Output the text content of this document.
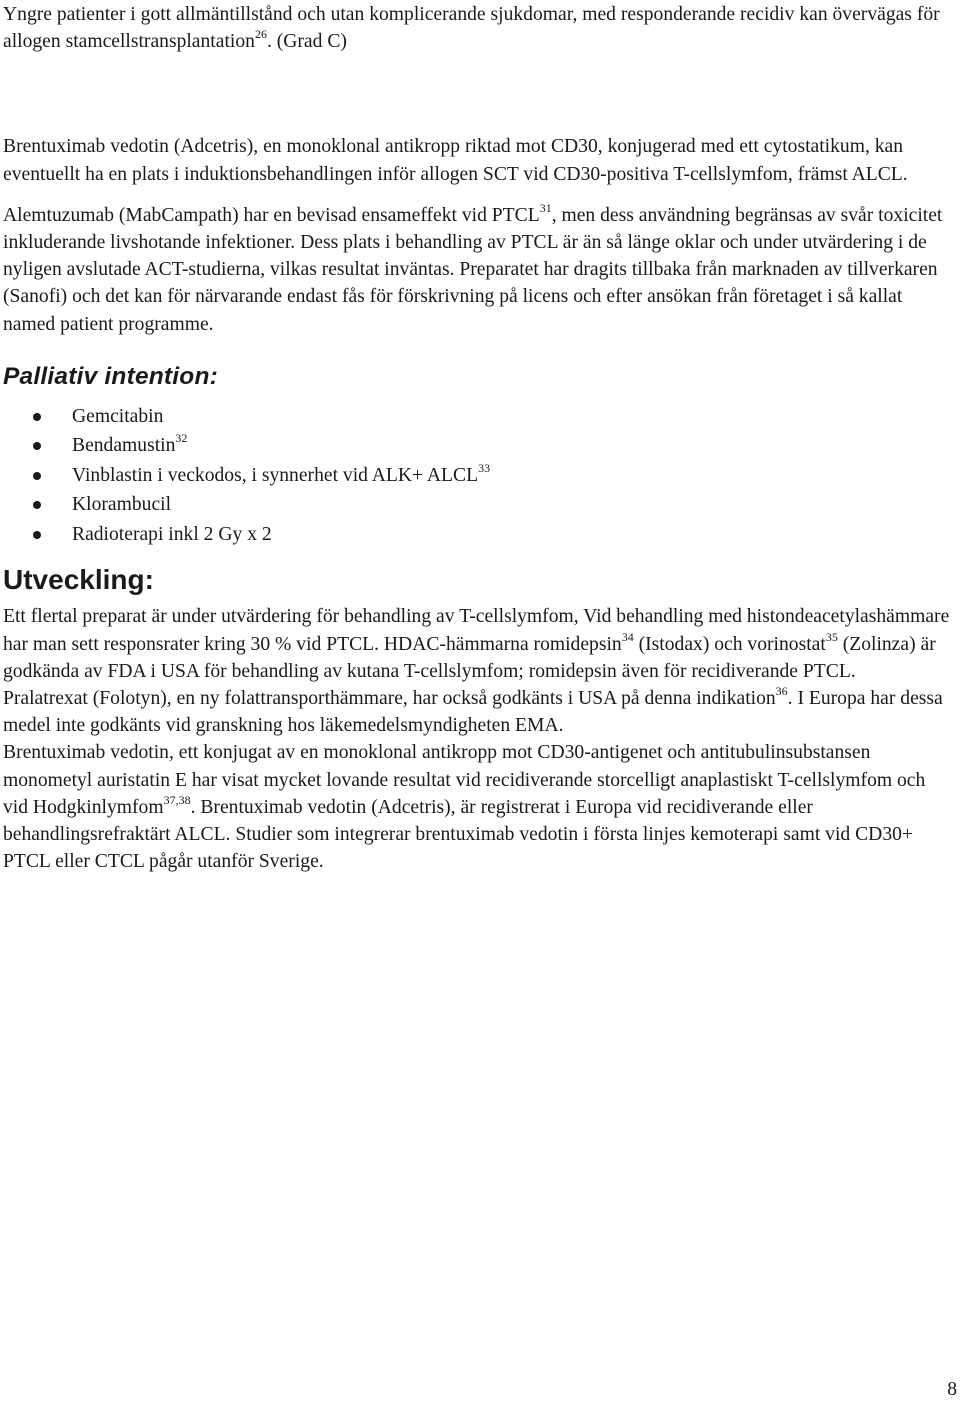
Yngre patienter i gott allmäntillstånd och utan komplicerande sjukdomar, med responderande recidiv kan övervägas för allogen stamcellstransplantation$^{26}$. (Grad C)

Brentuximab vedotin (Adcetris), en monoklonal antikropp riktad mot CD30, konjugerad med ett cytostatikum, kan eventuellt ha en plats i induktionsbehandlingen inför allogen SCT vid CD30-positiva T-cellslymfom, främst ALCL.

Alemtuzumab (MabCampath) har en bevisad ensameffekt vid PTCL$^{31}$, men dess användning begränsas av svår toxicitet inkluderande livshotande infektioner. Dess plats i behandling av PTCL är än så länge oklar och under utvärdering i de nyligen avslutade ACT-studierna, vilkas resultat inväntas. Preparatet har dragits tillbaka från marknaden av tillverkaren (Sanofi) och det kan för närvarande endast fås för förskrivning på licens och efter ansökan från företaget i så kallat named patient programme.

Palliativ intention:
Gemcitabin
Bendamustin$^{32}$
Vinblastin i veckodos, i synnerhet vid $ALK+ ALCL^{33}$
Klorambucil
Radioterapi inkl 2 Gy x 2
Utveckling:

Ett flertal preparat är under utvärdering för behandling av T-cellslymfom, Vid behandling med histondeacetylashämmare har man sett responsrater kring 30 % vid PTCL. HDAC-hämmarna romidepsin$^{34}$ (Istodax) och vorinostat$^{35}$ (Zolinza) är godkända av FDA i USA för behandling av kutana T-cellslymfom; romidepsin även för recidiverande PTCL.

Pralatrexat (Folotyn), en ny folattransporthämmare, har också godkänts i USA på denna indikation$^{36}$. I Europa har dessa medel inte godkänts vid granskning hos läkemedelsmyndigheten EMA.

Brentuximab vedotin, ett konjugat av en monoklonal antikropp mot CD30-antigenet och antitubulinsubstansen monometyl auristatin E har visat mycket lovande resultat vid recidiverande storcelligt anaplastiskt T-cellslymfom och vid Hodgkinlymfom$^{37,38}$. Brentuximab vedotin (Adcetris), är registrerat i Europa vid recidiverande eller behandlingsrefraktärt ALCL. Studier som integrerar brentuximab vedotin i första linjes kemoterapi samt vid CD30+ PTCL eller CTCL pågår utanför Sverige.

8
